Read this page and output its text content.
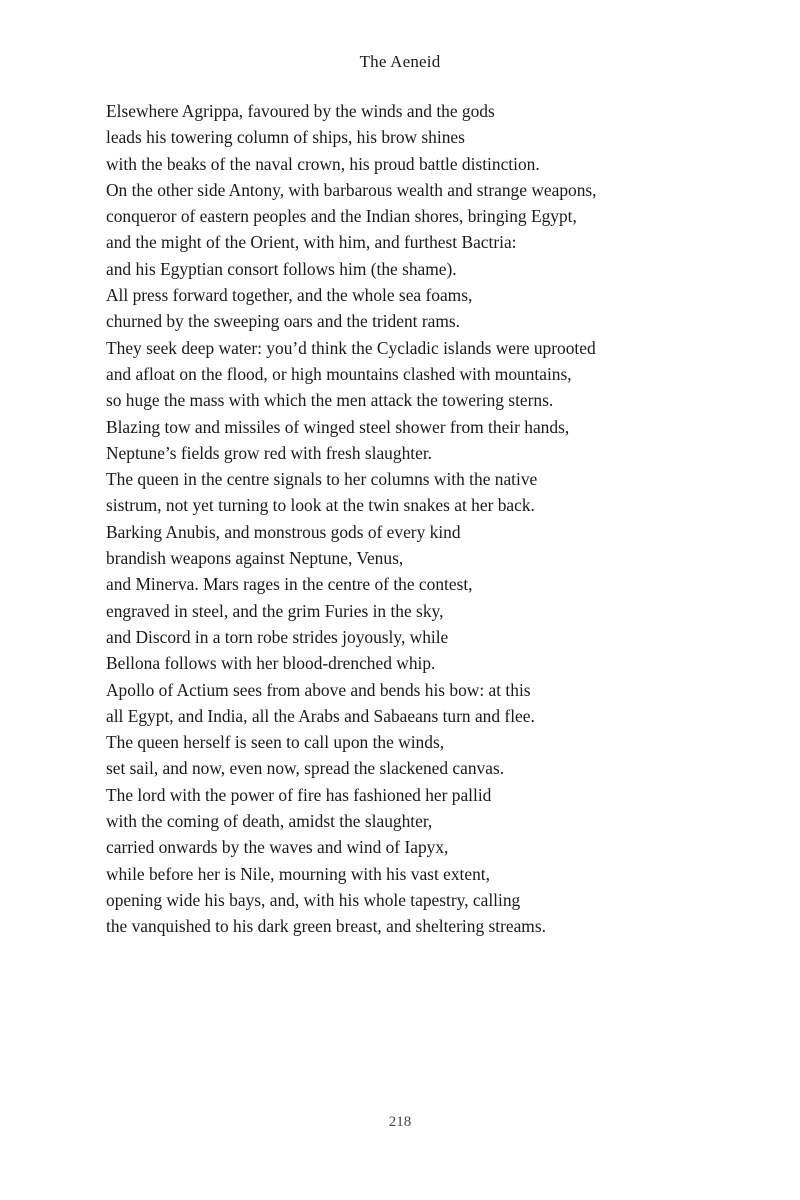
The Aeneid
Elsewhere Agrippa, favoured by the winds and the gods
leads his towering column of ships, his brow shines
with the beaks of the naval crown, his proud battle distinction.
On the other side Antony, with barbarous wealth and strange weapons,
conqueror of eastern peoples and the Indian shores, bringing Egypt,
and the might of the Orient, with him, and furthest Bactria:
and his Egyptian consort follows him (the shame).
All press forward together, and the whole sea foams,
churned by the sweeping oars and the trident rams.
They seek deep water: you’d think the Cycladic islands were uprooted
and afloat on the flood, or high mountains clashed with mountains,
so huge the mass with which the men attack the towering sterns.
Blazing tow and missiles of winged steel shower from their hands,
Neptune’s fields grow red with fresh slaughter.
The queen in the centre signals to her columns with the native
sistrum, not yet turning to look at the twin snakes at her back.
Barking Anubis, and monstrous gods of every kind
brandish weapons against Neptune, Venus,
and Minerva. Mars rages in the centre of the contest,
engraved in steel, and the grim Furies in the sky,
and Discord in a torn robe strides joyously, while
Bellona follows with her blood-drenched whip.
Apollo of Actium sees from above and bends his bow: at this
all Egypt, and India, all the Arabs and Sabaeans turn and flee.
The queen herself is seen to call upon the winds,
set sail, and now, even now, spread the slackened canvas.
The lord with the power of fire has fashioned her pallid
with the coming of death, amidst the slaughter,
carried onwards by the waves and wind of Iapyx,
while before her is Nile, mourning with his vast extent,
opening wide his bays, and, with his whole tapestry, calling
the vanquished to his dark green breast, and sheltering streams.
218
